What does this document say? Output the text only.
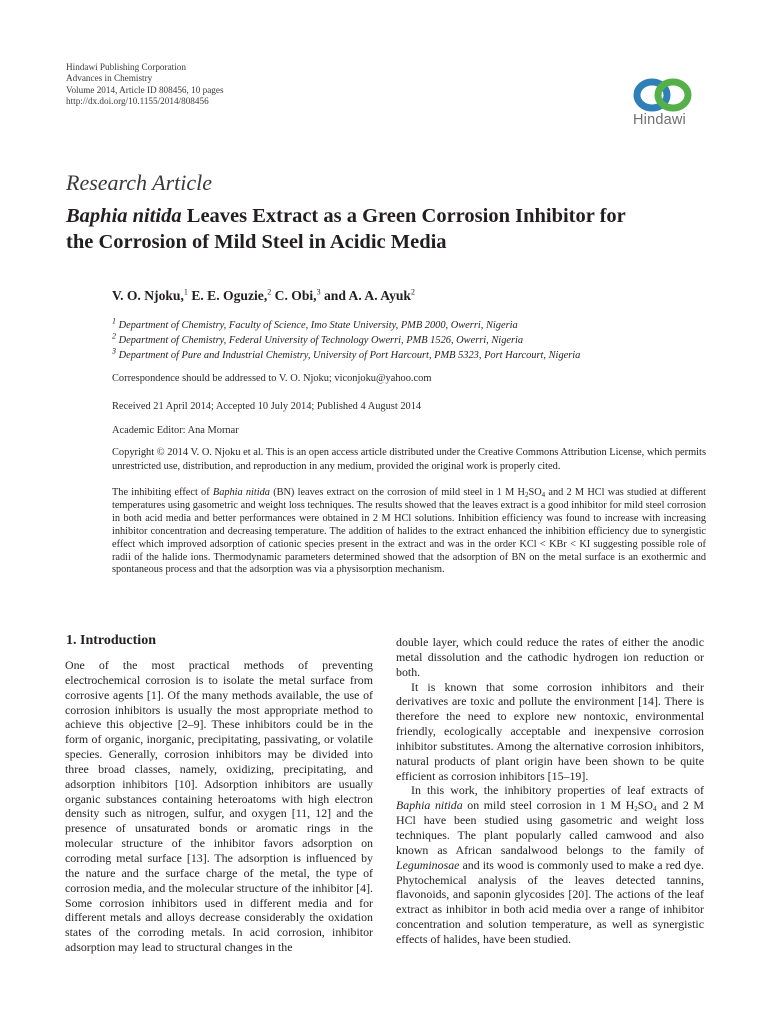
Hindawi Publishing Corporation
Advances in Chemistry
Volume 2014, Article ID 808456, 10 pages
http://dx.doi.org/10.1155/2014/808456
Hindawi
Research Article
Baphia nitida Leaves Extract as a Green Corrosion Inhibitor for
the Corrosion of Mild Steel in Acidic Media
V. O. Njoku,$^1$ E. E. Oguzie,$^2$ C. Obi,$^3$ and A. A. Ayuk$^2$
$^1$ Department of Chemistry, Faculty of Science, Imo State University, PMB 2000, Owerri, Nigeria
$^2$ Department of Chemistry, Federal University of Technology Owerri, PMB 1526, Owerri, Nigeria
$^3$ Department of Pure and Industrial Chemistry, University of Port Harcourt, PMB 5323, Port Harcourt, Nigeria
Correspondence should be addressed to V. O. Njoku; viconjoku@yahoo.com
Received 21 April 2014; Accepted 10 July 2014; Published 4 August 2014
Academic Editor: Ana Mornar
Copyright © 2014 V. O. Njoku et al. This is an open access article distributed under the Creative Commons Attribution License, which permits unrestricted use, distribution, and reproduction in any medium, provided the original work is properly cited.
The inhibiting effect of Baphia nitida (BN) leaves extract on the corrosion of mild steel in 1 M $H_2SO_4$ and 2 M HCl was studied at different temperatures using gasometric and weight loss techniques. The results showed that the leaves extract is a good inhibitor for mild steel corrosion in both acid media and better performances were obtained in 2 M HCl solutions. Inhibition efficiency was found to increase with increasing inhibitor concentration and decreasing temperature. The addition of halides to the extract enhanced the inhibition efficiency due to synergistic effect which improved adsorption of cationic species present in the extract and was in the order KCl < KBr < KI suggesting possible role of radii of the halide ions. Thermodynamic parameters determined showed that the adsorption of BN on the metal surface is an exothermic and spontaneous process and that the adsorption was via a physisorption mechanism.
1. Introduction

One of the most practical methods of preventing electrochemical corrosion is to isolate the metal surface from corrosive agents [1]. Of the many methods available, the use of corrosion inhibitors is usually the most appropriate method to achieve this objective [2–9]. These inhibitors could be in the form of organic, inorganic, precipitating, passivating, or volatile species. Generally, corrosion inhibitors may be divided into three broad classes, namely, oxidizing, precipitating, and adsorption inhibitors [10]. Adsorption inhibitors are usually organic substances containing heteroatoms with high electron density such as nitrogen, sulfur, and oxygen [11, 12] and the presence of unsaturated bonds or aromatic rings in the molecular structure of the inhibitor favors adsorption on corroding metal surface [13]. The adsorption is influenced by the nature and the surface charge of the metal, the type of corrosion media, and the molecular structure of the inhibitor [4]. Some corrosion inhibitors used in different media and for different metals and alloys decrease considerably the oxidation states of the corroding metals. In acid corrosion, inhibitor adsorption may lead to structural changes in the

double layer, which could reduce the rates of either the anodic metal dissolution and the cathodic hydrogen ion reduction or both.

It is known that some corrosion inhibitors and their derivatives are toxic and pollute the environment [14]. There is therefore the need to explore new nontoxic, environmental friendly, ecologically acceptable and inexpensive corrosion inhibitor substitutes. Among the alternative corrosion inhibitors, natural products of plant origin have been shown to be quite efficient as corrosion inhibitors [15–19].

In this work, the inhibitory properties of leaf extracts of Baphia nitida on mild steel corrosion in 1 M $H_2SO_4$ and 2 M HCl have been studied using gasometric and weight loss techniques. The plant popularly called camwood and also known as African sandalwood belongs to the family of Leguminosae and its wood is commonly used to make a red dye. Phytochemical analysis of the leaves detected tannins, flavonoids, and saponin glycosides [20]. The actions of the leaf extract as inhibitor in both acid media over a range of inhibitor concentration and solution temperature, as well as synergistic effects of halides, have been studied.
